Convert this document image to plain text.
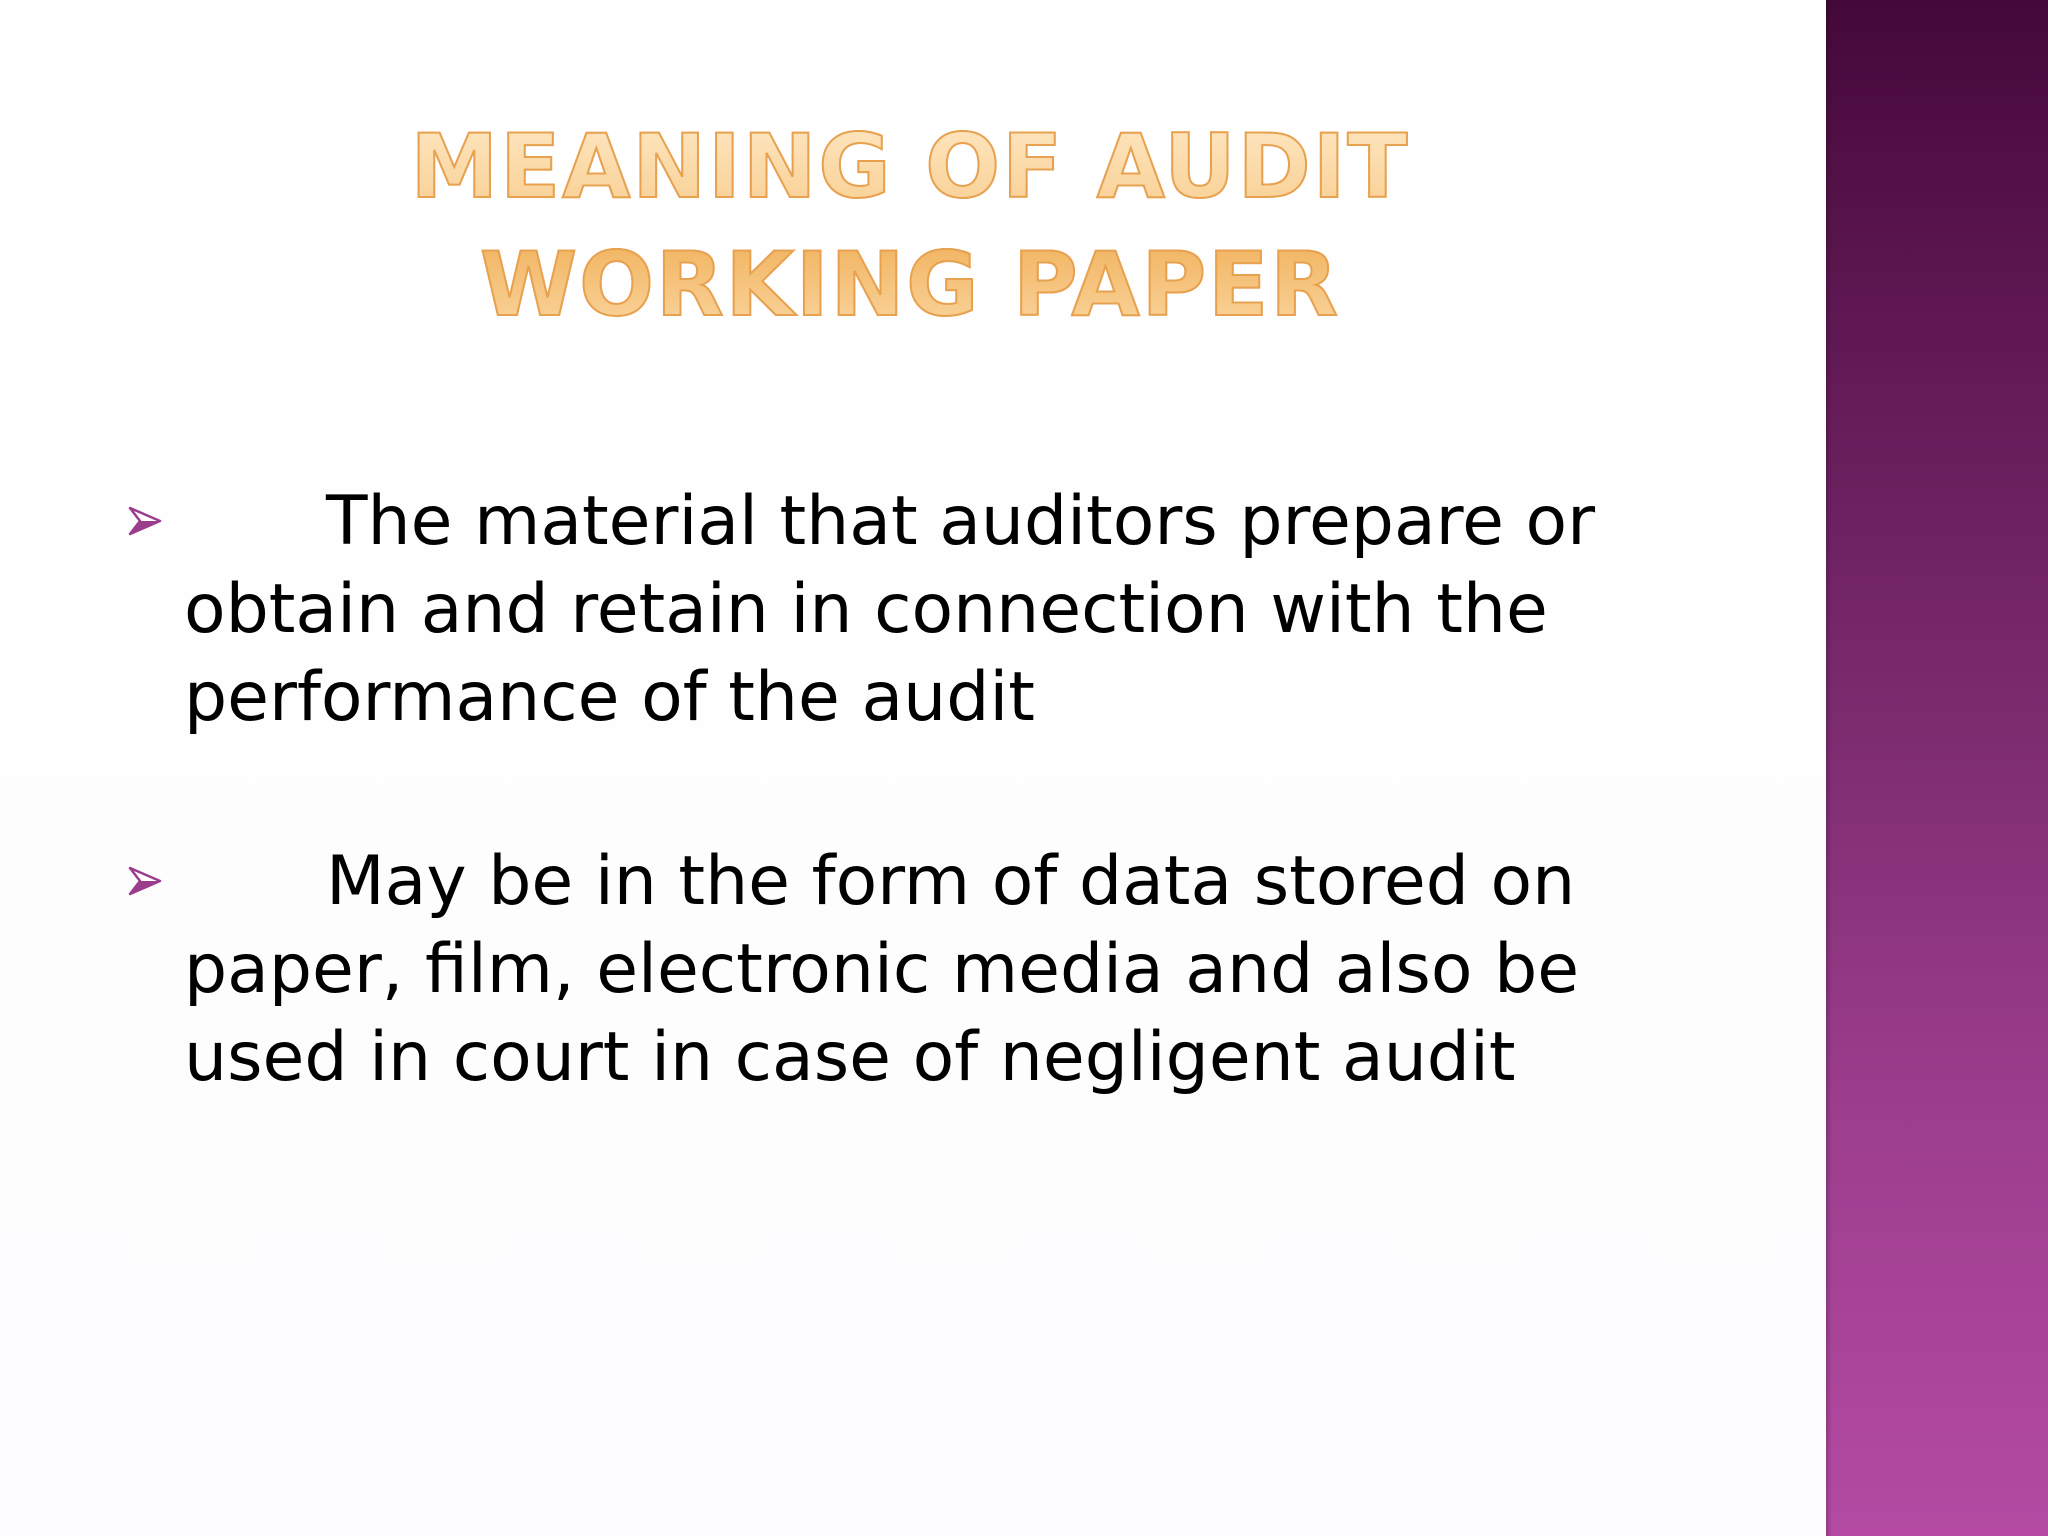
MEANING OF AUDIT WORKING PAPER
The material that auditors prepare or obtain and retain in connection with the performance of the audit
May be in the form of data stored on paper, film, electronic media and also be used in court in case of negligent audit
